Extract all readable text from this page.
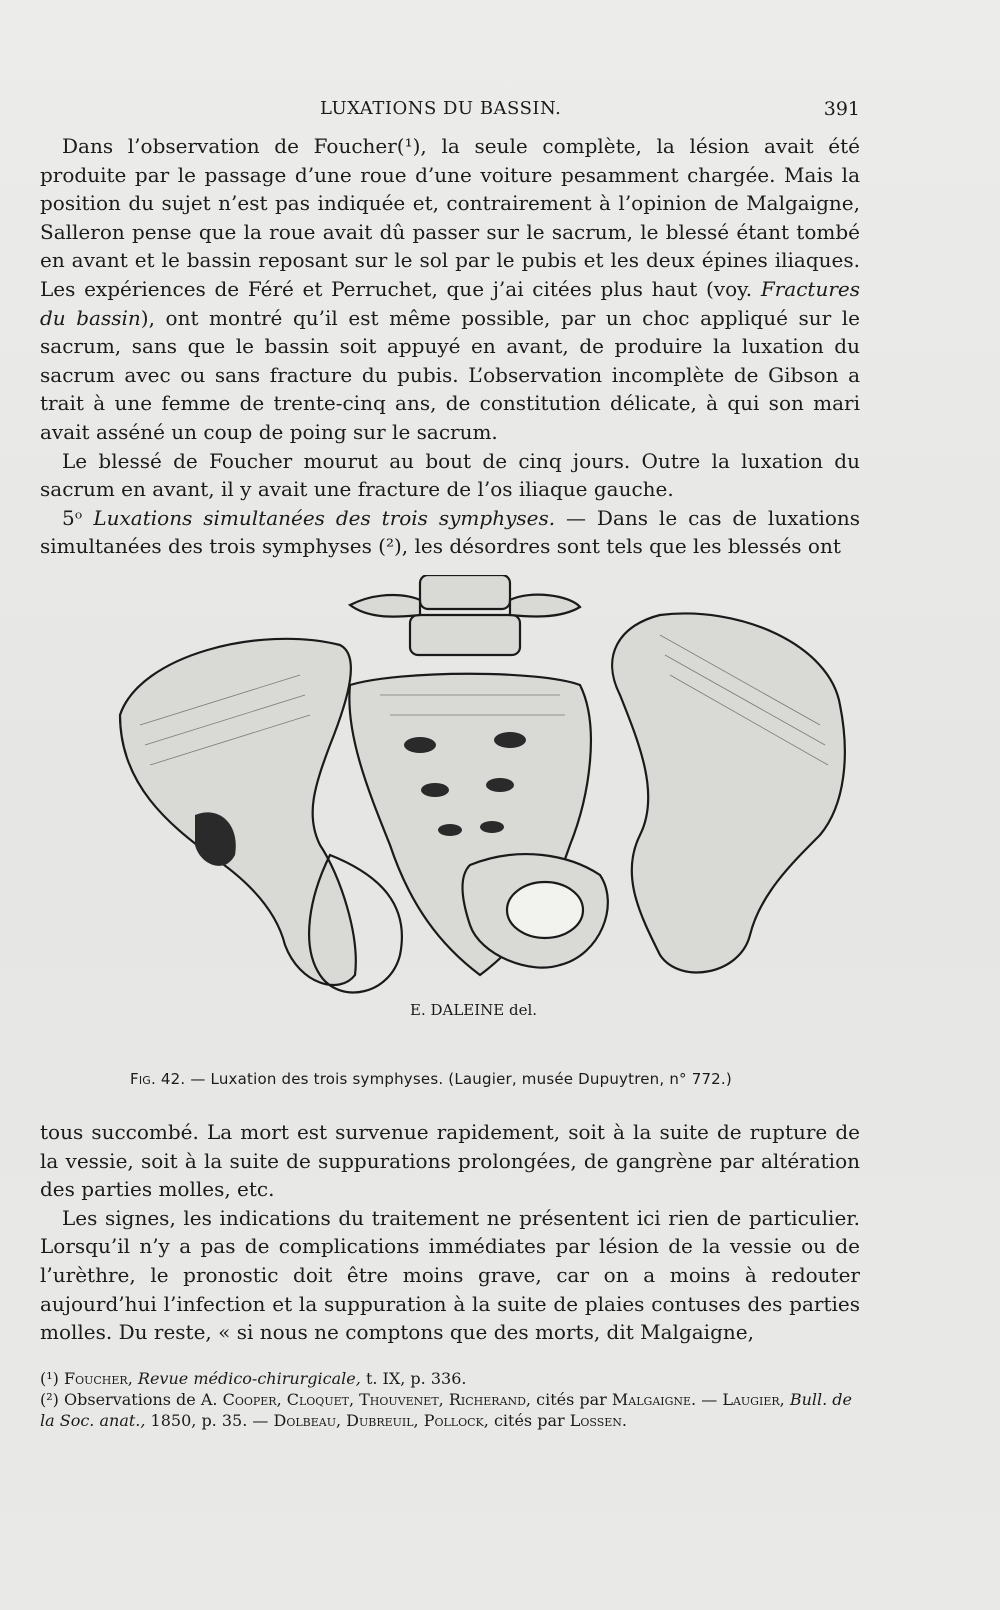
LUXATIONS DU BASSIN.	391

Dans l’observation de Foucher(¹), la seule complète, la lésion avait été produite par le passage d’une roue d’une voiture pesamment chargée. Mais la position du sujet n’est pas indiquée et, contrairement à l’opinion de Malgaigne, Salleron pense que la roue avait dû passer sur le sacrum, le blessé étant tombé en avant et le bassin reposant sur le sol par le pubis et les deux épines iliaques. Les expériences de Féré et Perruchet, que j’ai citées plus haut (voy. Fractures du bassin), ont montré qu’il est même possible, par un choc appliqué sur le sacrum, sans que le bassin soit appuyé en avant, de produire la luxation du sacrum avec ou sans fracture du pubis. L’observation incomplète de Gibson a trait à une femme de trente-cinq ans, de constitution délicate, à qui son mari avait asséné un coup de poing sur le sacrum.

Le blessé de Foucher mourut au bout de cinq jours. Outre la luxation du sacrum en avant, il y avait une fracture de l’os iliaque gauche.

5ᵒ Luxations simultanées des trois symphyses. — Dans le cas de luxations simultanées des trois symphyses (²), les désordres sont tels que les blessés ont

E. DALEINE del.
Fig. 42. — Luxation des trois symphyses. (Laugier, musée Dupuytren, n° 772.)

tous succombé. La mort est survenue rapidement, soit à la suite de rupture de la vessie, soit à la suite de suppurations prolongées, de gangrène par altération des parties molles, etc.

Les signes, les indications du traitement ne présentent ici rien de particulier. Lorsqu’il n’y a pas de complications immédiates par lésion de la vessie ou de l’urèthre, le pronostic doit être moins grave, car on a moins à redouter aujourd’hui l’infection et la suppuration à la suite de plaies contuses des parties molles. Du reste, « si nous ne comptons que des morts, dit Malgaigne,

(¹) Foucher, Revue médico-chirurgicale, t. IX, p. 336.

(²) Observations de A. Cooper, Cloquet, Thouvenet, Richerand, cités par Malgaigne. — Laugier, Bull. de la Soc. anat., 1850, p. 35. — Dolbeau, Dubreuil, Pollock, cités par Lossen.
